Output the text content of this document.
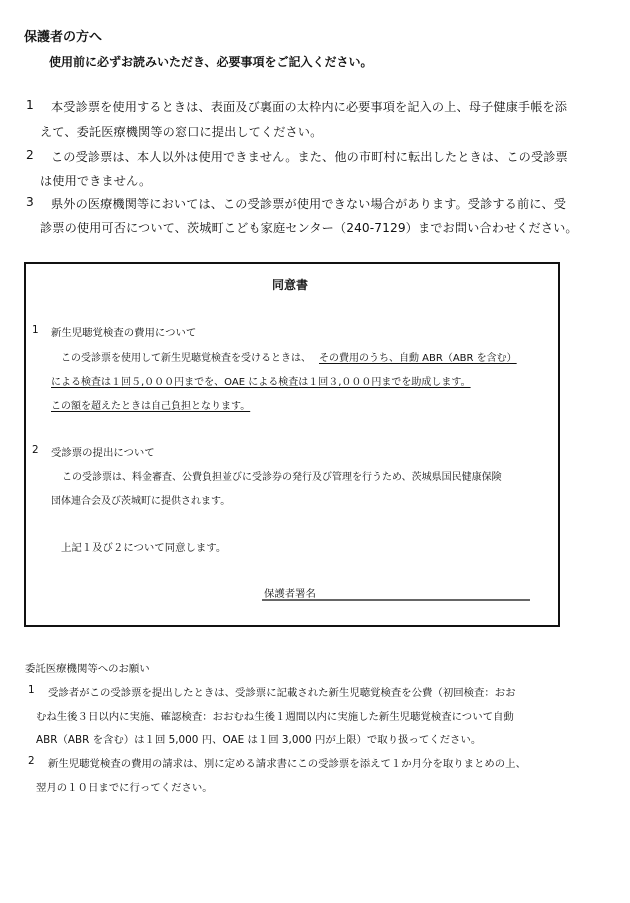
保護者の方へ
使用前に必ずお読みいただき、必要事項をご記入ください。
1 本受診票を使用するときは、表面及び裏面の太枠内に必要事項を記入の上、母子健康手帳を添
えて、委託医療機関等の窓口に提出してください。
2 この受診票は、本人以外は使用できません。また、他の市町村に転出したときは、この受診票
は使用できません。
3 県外の医療機関等においては、この受診票が使用できない場合があります。受診する前に、受
診票の使用可否について、茨城町こども家庭センター（240-7129）までお問い合わせください。
同意書
1 新生児聴覚検査の費用について
この受診票を使用して新生児聴覚検査を受けるときは、 その費用のうち、自動 ABR（ABR を含む）
による検査は１回５,０００円までを、OAE による検査は１回３,０００円までを助成します。
この額を超えたときは自己負担となります。
2 受診票の提出について
この受診票は、料金審査、公費負担並びに受診券の発行及び管理を行うため、茨城県国民健康保険
団体連合会及び茨城町に提供されます。
上記１及び２について同意します。
保護者署名
委託医療機関等へのお願い
1 受診者がこの受診票を提出したときは、受診票に記載された新生児聴覚検査を公費（初回検査：おお
むね生後３日以内に実施、確認検査：おおむね生後１週間以内に実施した新生児聴覚検査について自動
ABR（ABR を含む）は１回 5,000 円、OAE は１回 3,000 円が上限）で取り扱ってください。
2 新生児聴覚検査の費用の請求は、別に定める請求書にこの受診票を添えて１か月分を取りまとめの上、
翌月の１０日までに行ってください。
